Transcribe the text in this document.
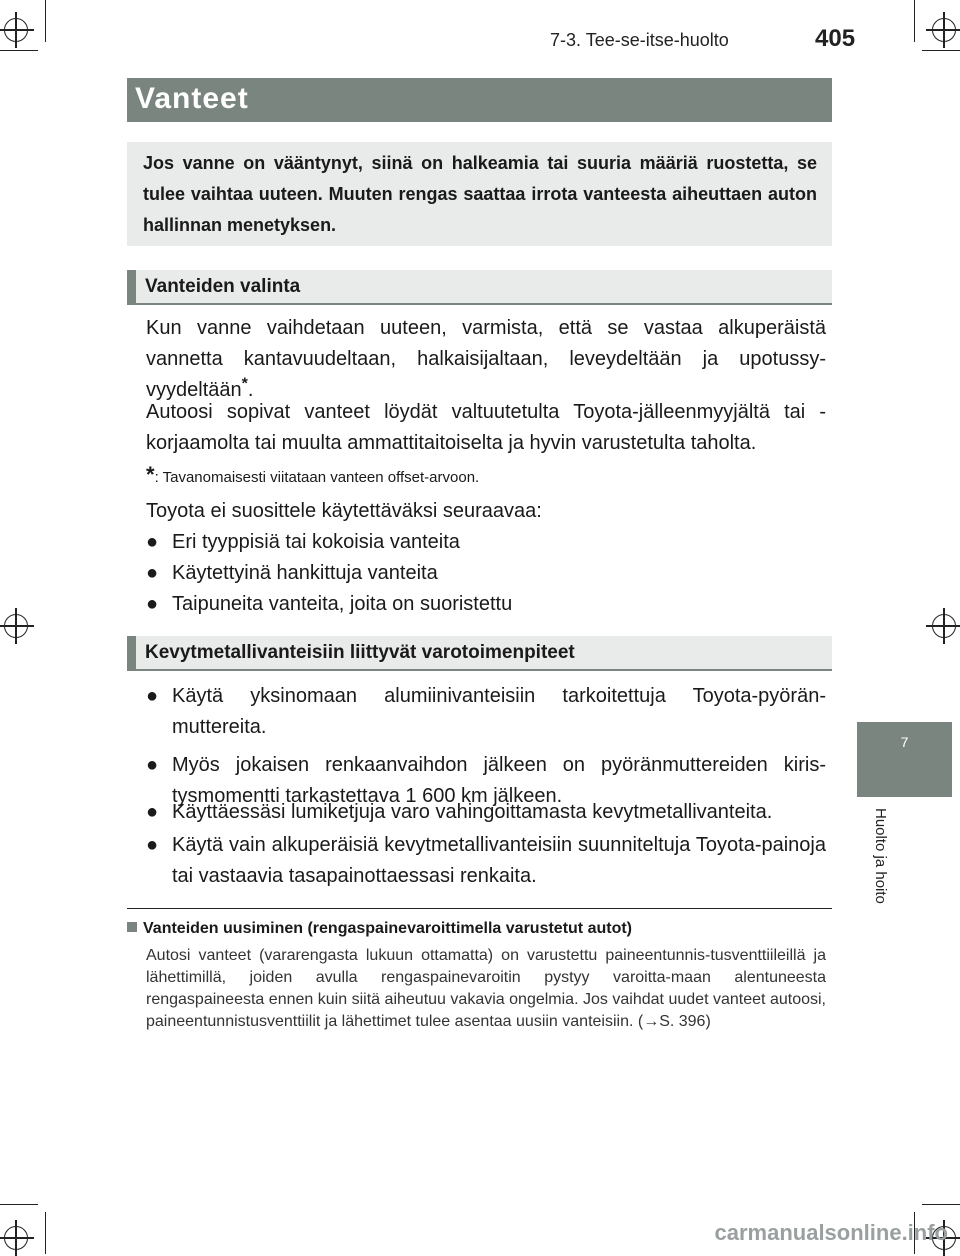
7-3. Tee-se-itse-huolto	405
Vanteet

Jos vanne on vääntynyt, siinä on halkeamia tai suuria määriä ruostetta, se tulee vaihtaa uuteen. Muuten rengas saattaa irrota vanteesta aiheuttaen auton hallinnan menetyksen.

Vanteiden valinta

Kun vanne vaihdetaan uuteen, varmista, että se vastaa alkuperäistä vannetta kantavuudeltaan, halkaisijaltaan, leveydeltään ja upotussy-vyydeltään*.

Autoosi sopivat vanteet löydät valtuutetulta Toyota-jälleenmyyjältä tai -korjaamolta tai muulta ammattitaitoiselta ja hyvin varustetulta taholta.

*: Tavanomaisesti viitataan vanteen offset-arvoon.

Toyota ei suosittele käytettäväksi seuraavaa:

● Eri tyyppisiä tai kokoisia vanteita
● Käytettyinä hankittuja vanteita
● Taipuneita vanteita, joita on suoristettu
Kevytmetallivanteisiin liittyvät varotoimenpiteet
● Käytä yksinomaan alumiinivanteisiin tarkoitettuja Toyota-pyörän-muttereita.
● Myös jokaisen renkaanvaihdon jälkeen on pyöränmuttereiden kiris-tysmomentti tarkastettava 1 600 km jälkeen.
● Käyttäessäsi lumiketjuja varo vahingoittamasta kevytmetallivanteita.
● Käytä vain alkuperäisiä kevytmetallivanteisiin suunniteltuja Toyota-painoja tai vastaavia tasapainottaessasi renkaita.
Vanteiden uusiminen (rengaspainevaroittimella varustetut autot)

Autosi vanteet (vararengasta lukuun ottamatta) on varustettu paineentunnis-tusventtiileillä ja lähettimillä, joiden avulla rengaspainevaroitin pystyy varoitta-maan alentuneesta rengaspaineesta ennen kuin siitä aiheutuu vakavia ongelmia. Jos vaihdat uudet vanteet autoosi, paineentunnistusventtiilit ja lähettimet tulee asentaa uusiin vanteisiin. (→S. 396)

7
Huolto ja hoito
carmanualsonline.info
